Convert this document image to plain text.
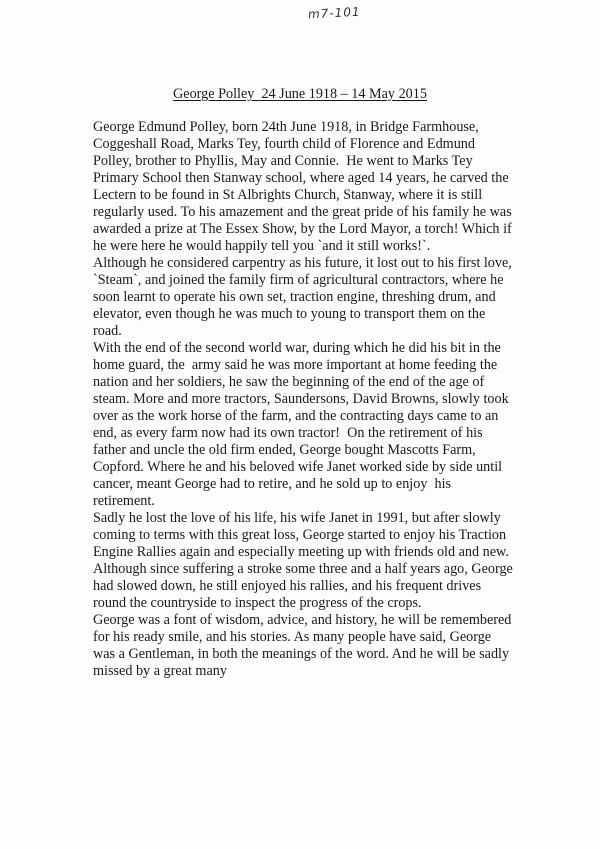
m7-101
George Polley  24 June 1918 – 14 May 2015
George Edmund Polley, born 24th June 1918, in Bridge Farmhouse,
Coggeshall Road, Marks Tey, fourth child of Florence and Edmund
Polley, brother to Phyllis, May and Connie.  He went to Marks Tey
Primary School then Stanway school, where aged 14 years, he carved the
Lectern to be found in St Albrights Church, Stanway, where it is still
regularly used. To his amazement and the great pride of his family he was
awarded a prize at The Essex Show, by the Lord Mayor, a torch! Which if
he were here he would happily tell you `and it still works!`.
Although he considered carpentry as his future, it lost out to his first love,
`Steam`, and joined the family firm of agricultural contractors, where he
soon learnt to operate his own set, traction engine, threshing drum, and
elevator, even though he was much to young to transport them on the
road.
With the end of the second world war, during which he did his bit in the
home guard, the  army said he was more important at home feeding the
nation and her soldiers, he saw the beginning of the end of the age of
steam. More and more tractors, Saundersons, David Browns, slowly took
over as the work horse of the farm, and the contracting days came to an
end, as every farm now had its own tractor!  On the retirement of his
father and uncle the old firm ended, George bought Mascotts Farm,
Copford. Where he and his beloved wife Janet worked side by side until
cancer, meant George had to retire, and he sold up to enjoy  his
retirement.
Sadly he lost the love of his life, his wife Janet in 1991, but after slowly
coming to terms with this great loss, George started to enjoy his Traction
Engine Rallies again and especially meeting up with friends old and new.
Although since suffering a stroke some three and a half years ago, George
had slowed down, he still enjoyed his rallies, and his frequent drives
round the countryside to inspect the progress of the crops.
George was a font of wisdom, advice, and history, he will be remembered
for his ready smile, and his stories. As many people have said, George
was a Gentleman, in both the meanings of the word. And he will be sadly
missed by a great many
